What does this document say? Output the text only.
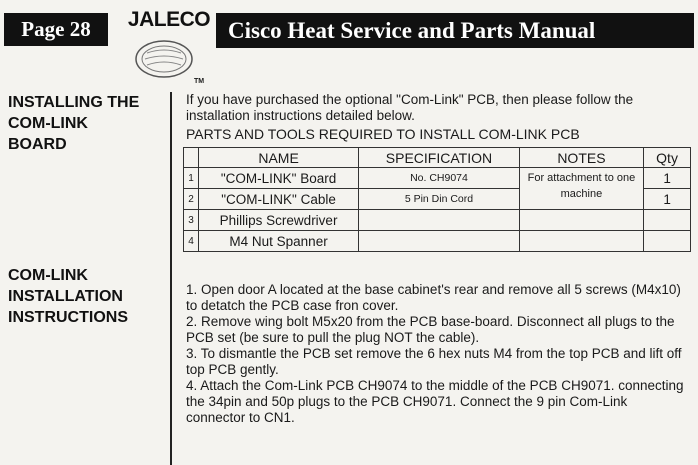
Page 28	JALECO
TM
Cisco Heat Service and Parts Manual
INSTALLING THE
COM-LINK
BOARD
If you have purchased the optional "Com-Link" PCB, then please follow the installation instructions detailed below.
PARTS AND TOOLS REQUIRED TO INSTALL COM-LINK PCB
	NAME	SPECIFICATION	NOTES	Qty
1	"COM-LINK" Board	No. CH9074	For attachment to one machine	1
2	"COM-LINK" Cable	5 Pin Din Cord		1
3	Phillips Screwdriver			
4	M4 Nut Spanner			
COM-LINK
INSTALLATION
INSTRUCTIONS

1. Open door A located at the base cabinet's rear and remove all 5 screws (M4x10) to detatch the PCB case fron cover.

2. Remove wing bolt M5x20 from the PCB base-board. Disconnect all plugs to the PCB set (be sure to pull the plug NOT the cable).

3. To dismantle the PCB set remove the 6 hex nuts M4 from the top PCB and lift off top PCB gently.

4. Attach the Com-Link PCB CH9074 to the middle of the PCB CH9071. connecting the 34pin and 50p plugs to the PCB CH9071. Connect the 9 pin Com-Link connector to CN1.
